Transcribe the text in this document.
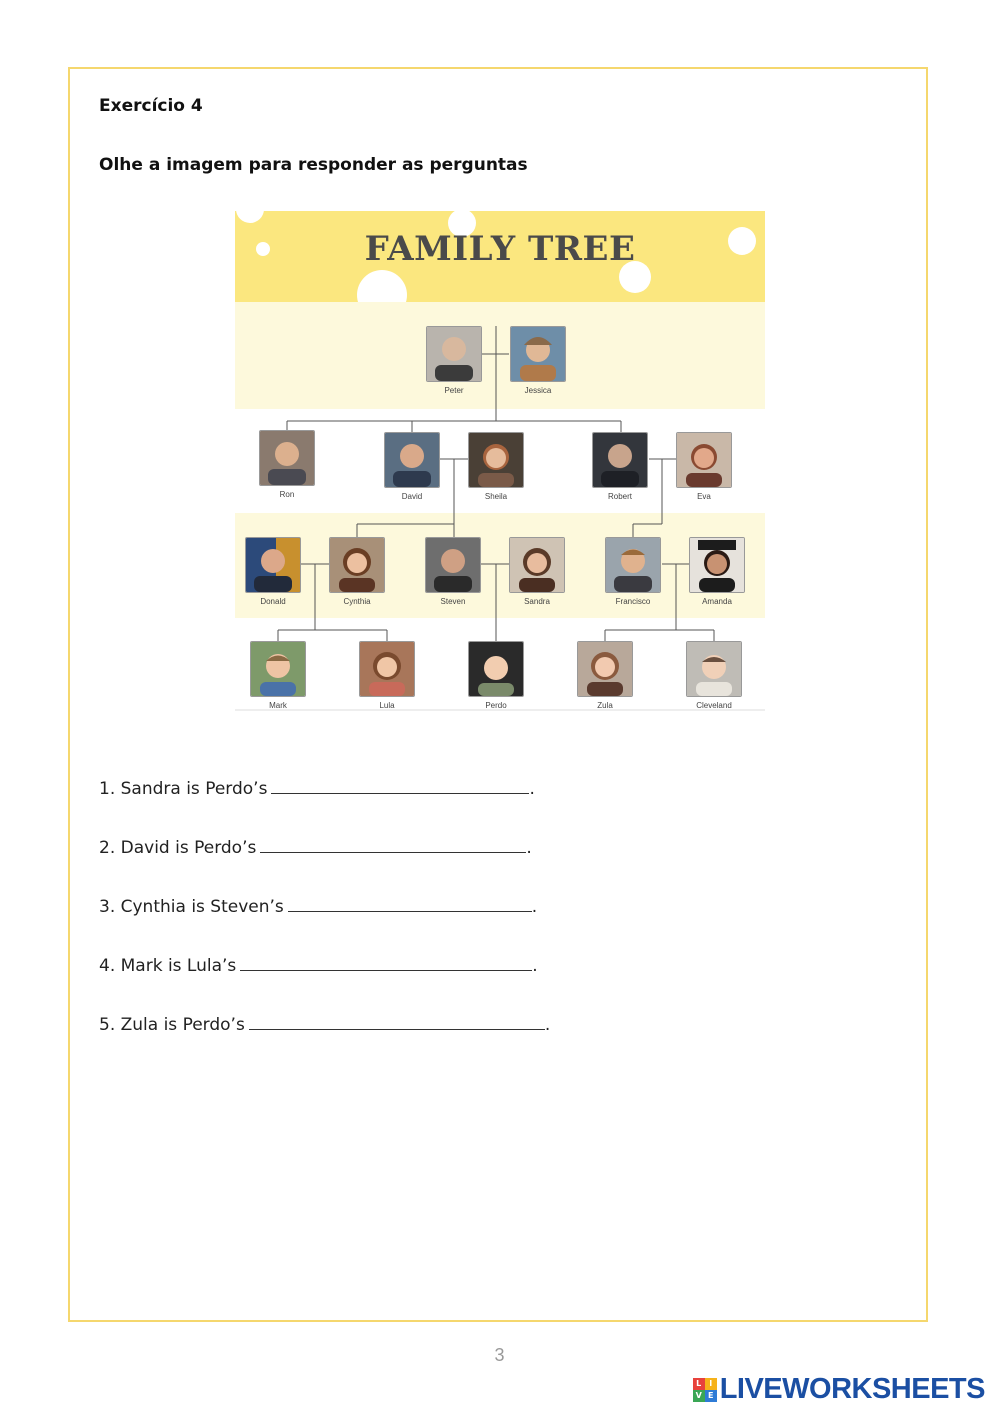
Exercício 4
Olhe a imagem para responder as perguntas
FAMILY TREE
Peter	Jessica
Ron	David	Sheila	Robert	Eva
Donald	Cynthia	Steven	Sandra	Francisco	Amanda
Mark	Lula	Perdo	Zula	Cleveland
1. Sandra is Perdo’s	.
2. David is Perdo’s	.
3. Cynthia is Steven’s	.
4. Mark is Lula’s	.
5. Zula is Perdo’s	.
3
L I
V E LIVEWORKSHEETS
